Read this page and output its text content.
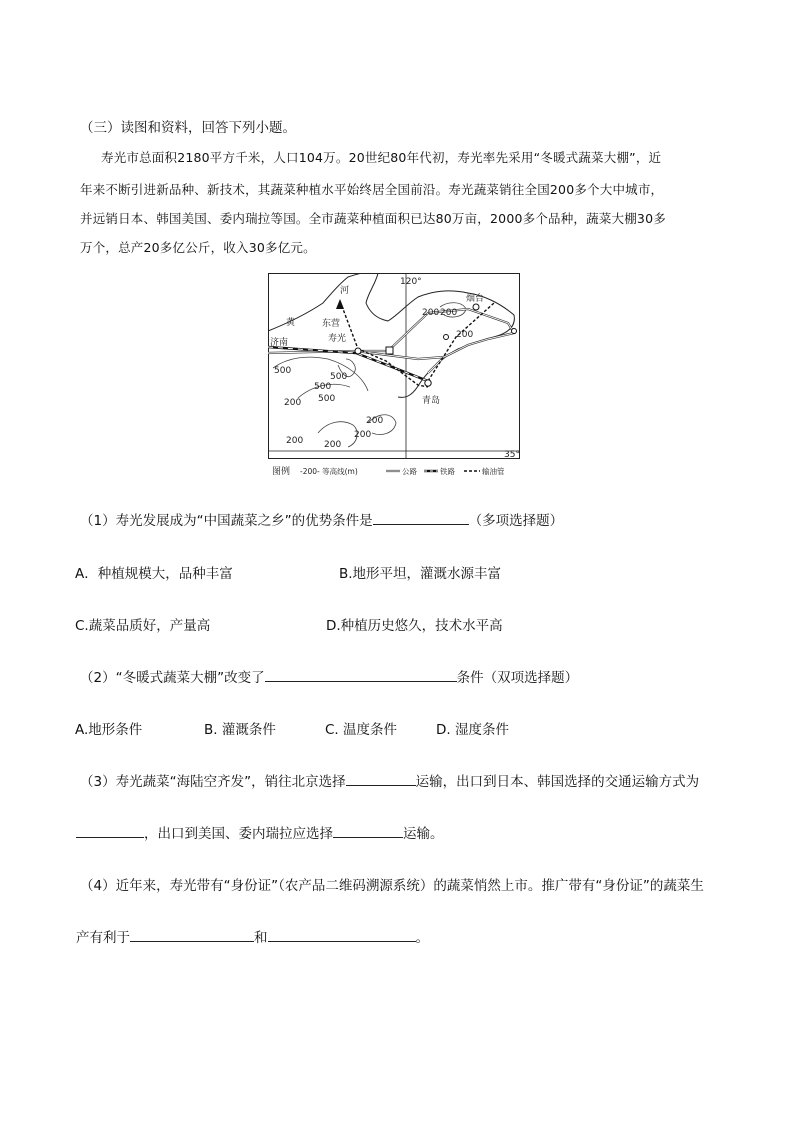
（三）读图和资料，回答下列小题。
寿光市总面积2180平方千米，人口104万。20世纪80年代初，寿光率先采用“冬暖式蔬菜大棚”，近
年来不断引进新品种、新技术，其蔬菜种植水平始终居全国前沿。寿光蔬菜销往全国200多个大中城市，
并远销日本、韩国美国、委内瑞拉等国。全市蔬菜种植面积已达80万亩，2000多个品种，蔬菜大棚30多
万个，总产20多亿公斤，收入30多亿元。
120°
35°
河
黄	东营
寿光
济南
烟台
青岛
200 200
200
500
500
500
500
200
200 200
200
200
图例 -200- 等高线(m)	公路	铁路	输油管
（1）寿光发展成为“中国蔬菜之乡”的优势条件是	（多项选择题）
A．种植规模大，品种丰富	B.地形平坦，灌溉水源丰富
C.蔬菜品质好，产量高	D.种植历史悠久，技术水平高
（2）“冬暖式蔬菜大棚”改变了	条件（双项选择题）
A.地形条件	B. 灌溉条件	C. 温度条件	D. 湿度条件
（3）寿光蔬菜“海陆空齐发”，销往北京选择	运输，出口到日本、韩国选择的交通运输方式为
，出口到美国、委内瑞拉应选择	运输。
（4）近年来，寿光带有“身份证”（农产品二维码溯源系统）的蔬菜悄然上市。推广带有“身份证”的蔬菜生
产有利于	和	。
